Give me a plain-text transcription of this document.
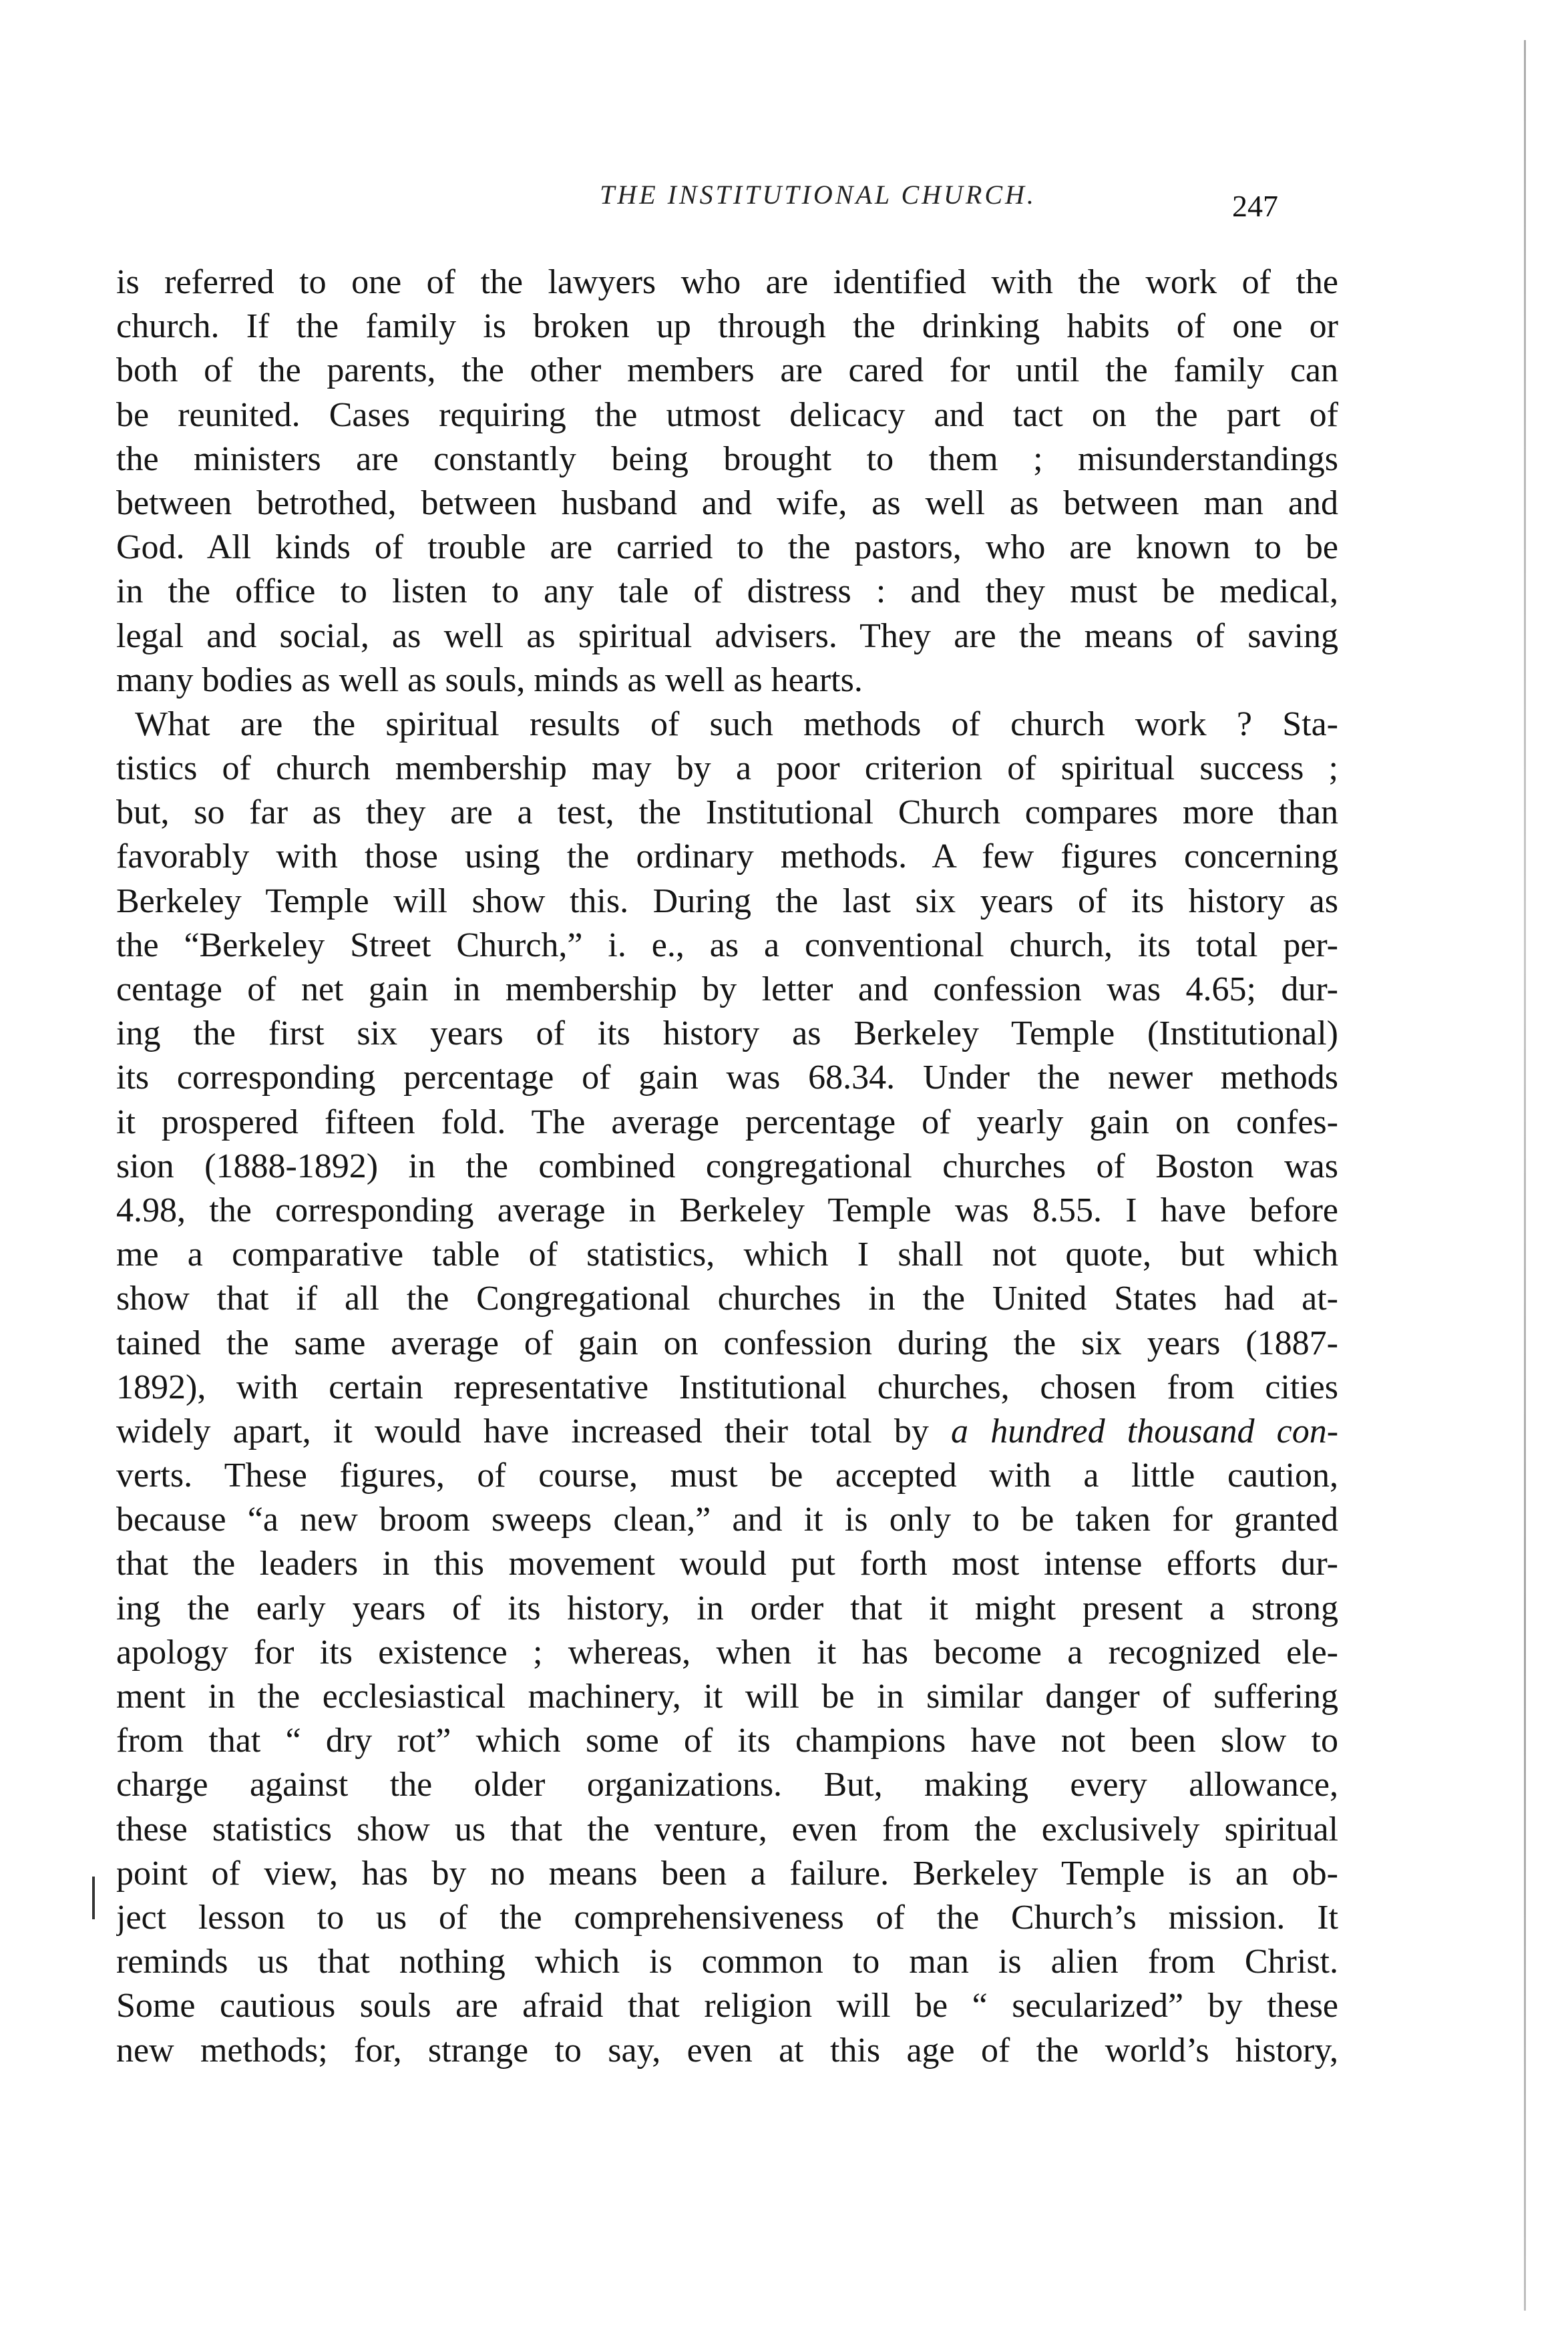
THE INSTITUTIONAL CHURCH.	247
is referred to one of the lawyers who are identified with the work of the
church. If the family is broken up through the drinking habits of one or
both of the parents, the other members are cared for until the family can
be reunited. Cases requiring the utmost delicacy and tact on the part of
the ministers are constantly being brought to them ; misunderstandings
between betrothed, between husband and wife, as well as between man and
God. All kinds of trouble are carried to the pastors, who are known to be
in the office to listen to any tale of distress : and they must be medical,
legal and social, as well as spiritual advisers. They are the means of saving
many bodies as well as souls, minds as well as hearts.
What are the spiritual results of such methods of church work ? Sta-
tistics of church membership may by a poor criterion of spiritual success ;
but, so far as they are a test, the Institutional Church compares more than
favorably with those using the ordinary methods. A few figures concerning
Berkeley Temple will show this. During the last six years of its history as
the “Berkeley Street Church,” i. e., as a conventional church, its total per-
centage of net gain in membership by letter and confession was 4.65; dur-
ing the first six years of its history as Berkeley Temple (Institutional)
its corresponding percentage of gain was 68.34. Under the newer methods
it prospered fifteen fold. The average percentage of yearly gain on confes-
sion (1888-1892) in the combined congregational churches of Boston was
4.98, the corresponding average in Berkeley Temple was 8.55. I have before
me a comparative table of statistics, which I shall not quote, but which
show that if all the Congregational churches in the United States had at-
tained the same average of gain on confession during the six years (1887-
1892), with certain representative Institutional churches, chosen from cities
widely apart, it would have increased their total by a hundred thousand con-
verts. These figures, of course, must be accepted with a little caution,
because “a new broom sweeps clean,” and it is only to be taken for granted
that the leaders in this movement would put forth most intense efforts dur-
ing the early years of its history, in order that it might present a strong
apology for its existence ; whereas, when it has become a recognized ele-
ment in the ecclesiastical machinery, it will be in similar danger of suffering
from that “ dry rot” which some of its champions have not been slow to
charge against the older organizations. But, making every allowance,
these statistics show us that the venture, even from the exclusively spiritual
point of view, has by no means been a failure. Berkeley Temple is an ob-
ject lesson to us of the comprehensiveness of the Church’s mission. It
reminds us that nothing which is common to man is alien from Christ.
Some cautious souls are afraid that religion will be “ secularized” by these
new methods; for, strange to say, even at this age of the world’s history,
